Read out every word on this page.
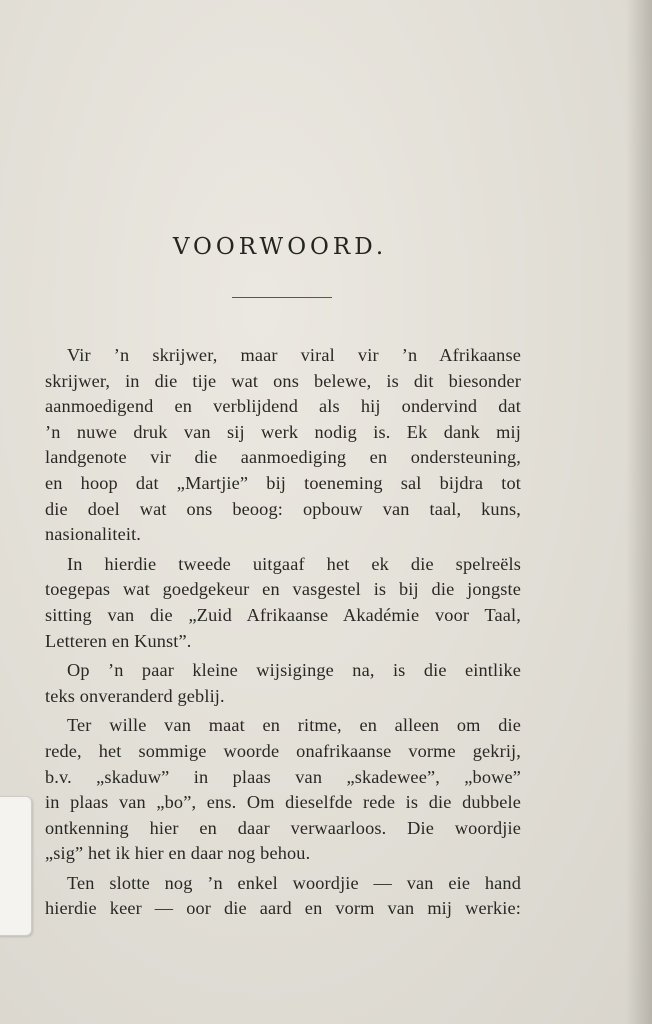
VOORWOORD.
Vir ’n skrijwer, maar viral vir ’n Afrikaanse
skrijwer, in die tije wat ons belewe, is dit biesonder
aanmoedigend en verblijdend als hij ondervind dat
’n nuwe druk van sij werk nodig is. Ek dank mij
landgenote vir die aanmoediging en ondersteuning,
en hoop dat „Martjie” bij toeneming sal bijdra tot
die doel wat ons beoog: opbouw van taal, kuns,
nasionaliteit.
In hierdie tweede uitgaaf het ek die spelreëls
toegepas wat goedgekeur en vasgestel is bij die jongste
sitting van die „Zuid Afrikaanse Akadémie voor Taal,
Letteren en Kunst”.
Op ’n paar kleine wijsiginge na, is die eintlike
teks onveranderd geblij.
Ter wille van maat en ritme, en alleen om die
rede, het sommige woorde onafrikaanse vorme gekrij,
b.v. „skaduw” in plaas van „skadewee”, „bowe”
in plaas van „bo”, ens. Om dieselfde rede is die dubbele
ontkenning hier en daar verwaarloos. Die woordjie
„sig” het ik hier en daar nog behou.
Ten slotte nog ’n enkel woordjie — van eie hand
hierdie keer — oor die aard en vorm van mij werkie:
